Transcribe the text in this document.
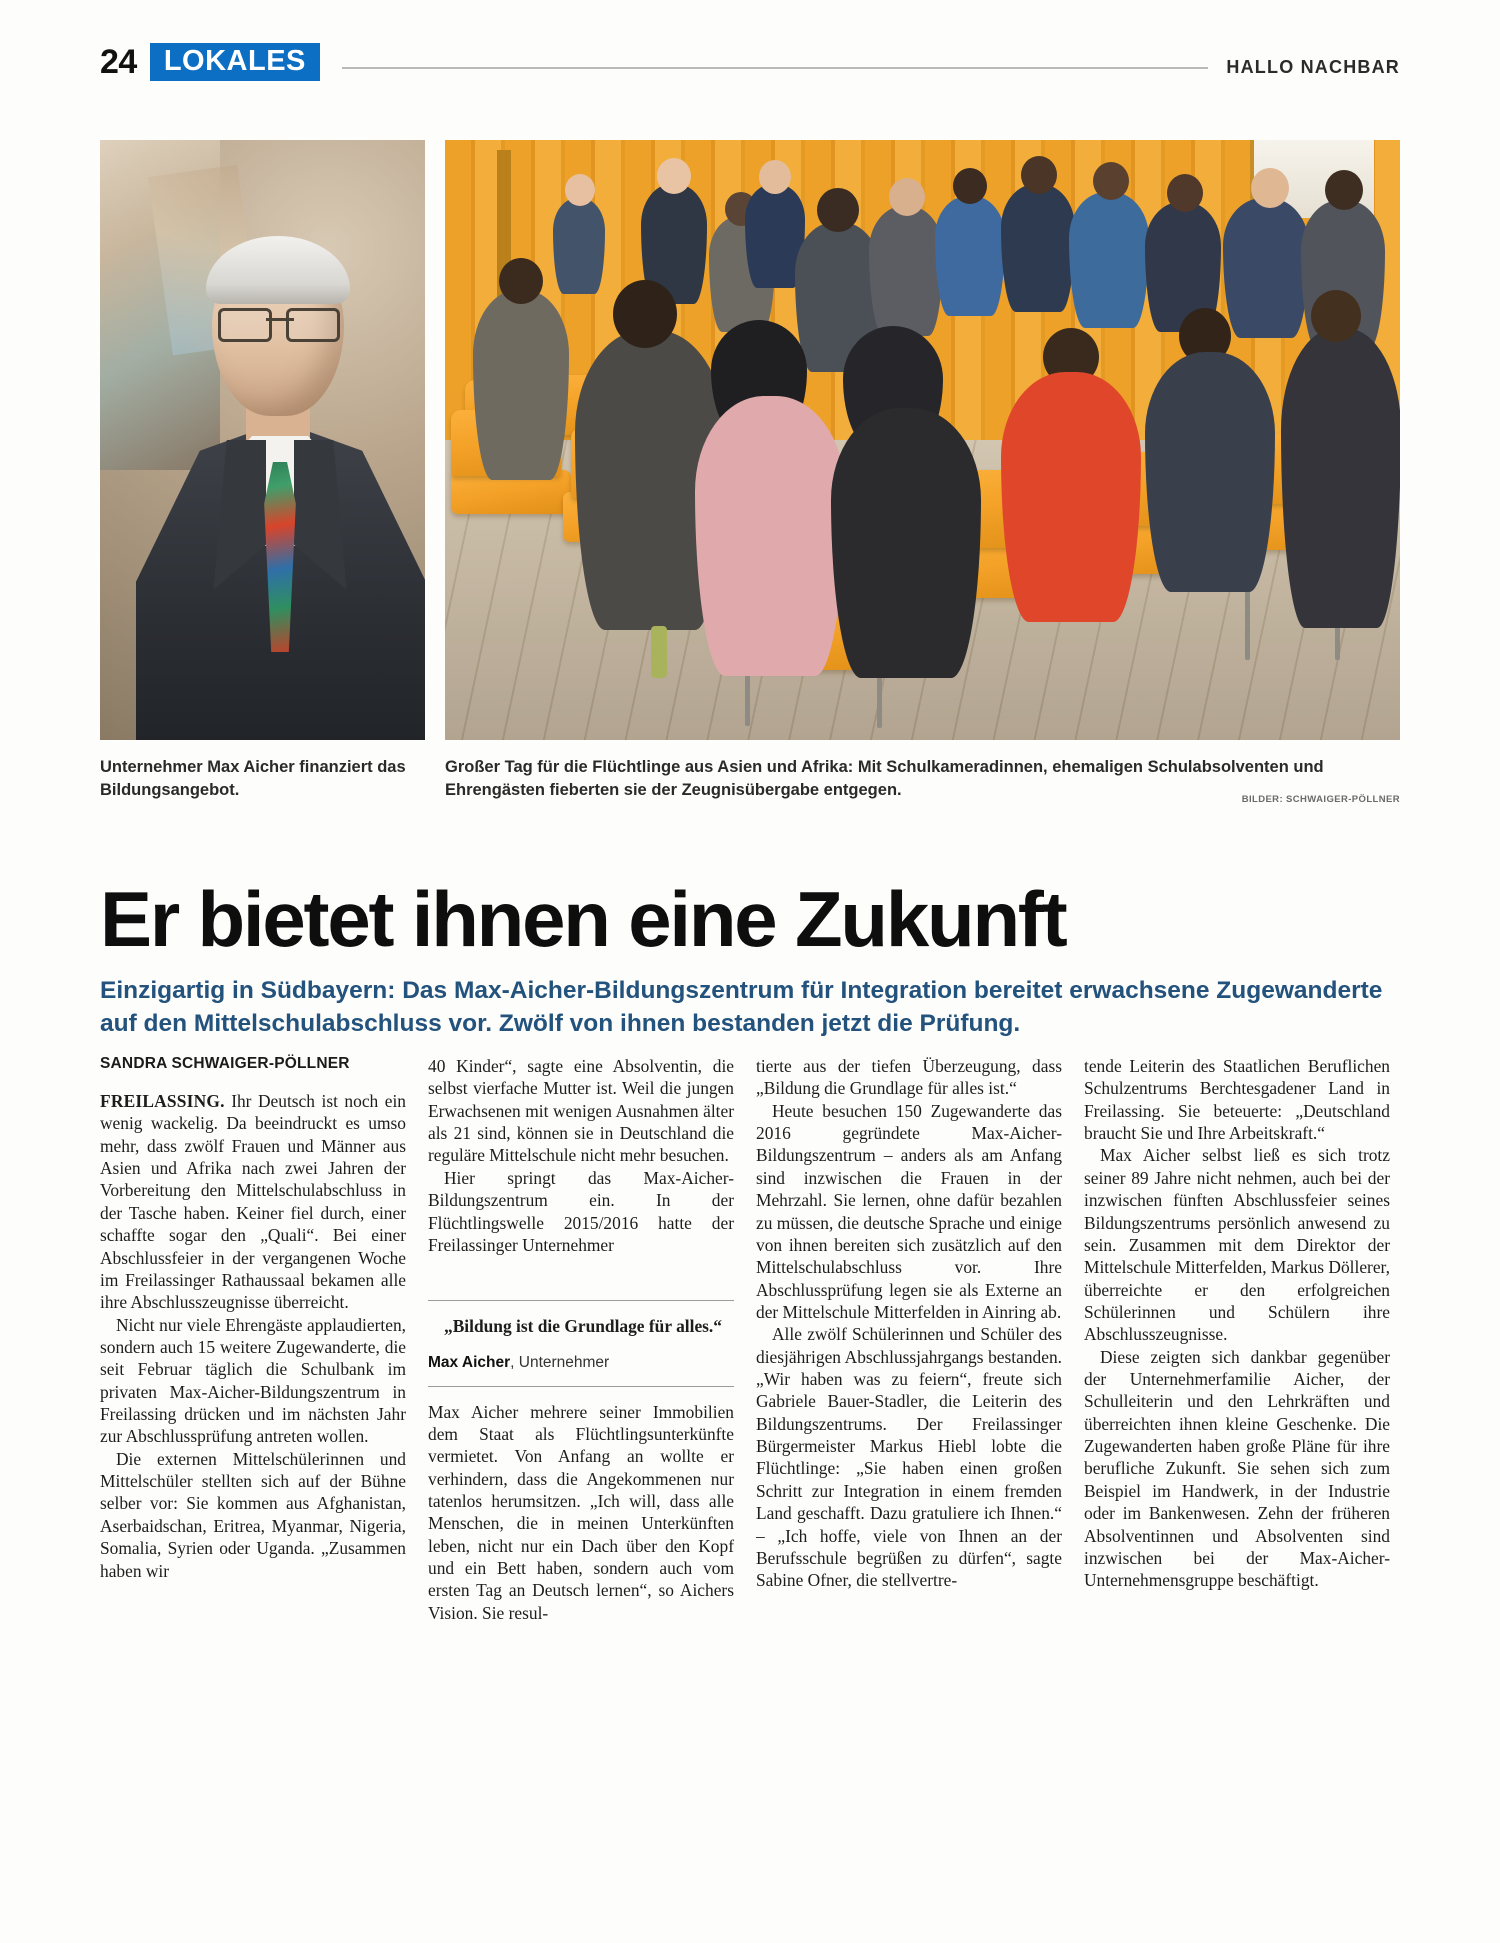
24 LOKALES	HALLO NACHBAR
Unternehmer Max Aicher finanziert das Bildungsangebot.
Großer Tag für die Flüchtlinge aus Asien und Afrika: Mit Schulkameradinnen, ehemaligen Schulabsolventen und Ehrengästen fieberten sie der Zeugnisübergabe entgegen.
BILDER: SCHWAIGER-PÖLLNER
Er bietet ihnen eine Zukunft
Einzigartig in Südbayern: Das Max-Aicher-Bildungszentrum für Integration bereitet erwachsene Zugewanderte auf den Mittelschulabschluss vor. Zwölf von ihnen bestanden jetzt die Prüfung.
SANDRA SCHWAIGER-PÖLLNER

FREILASSING. Ihr Deutsch ist noch ein wenig wackelig. Da beeindruckt es umso mehr, dass zwölf Frauen und Männer aus Asien und Afrika nach zwei Jahren der Vorbereitung den Mittelschulabschluss in der Tasche haben. Keiner fiel durch, einer schaffte sogar den „Quali“. Bei einer Abschlussfeier in der vergangenen Woche im Freilassinger Rathaussaal bekamen alle ihre Abschlusszeugnisse überreicht.

Nicht nur viele Ehrengäste applaudierten, sondern auch 15 weitere Zugewanderte, die seit Februar täglich die Schulbank im privaten Max-Aicher-Bildungszentrum in Freilassing drücken und im nächsten Jahr zur Abschlussprüfung antreten wollen.

Die externen Mittelschülerinnen und Mittelschüler stellten sich auf der Bühne selber vor: Sie kommen aus Afghanistan, Aserbaidschan, Eritrea, Myanmar, Nigeria, Somalia, Syrien oder Uganda. „Zusammen haben wir

40 Kinder“, sagte eine Absolventin, die selbst vierfache Mutter ist. Weil die jungen Erwachsenen mit wenigen Ausnahmen älter als 21 sind, können sie in Deutschland die reguläre Mittelschule nicht mehr besuchen.

Hier springt das Max-Aicher-Bildungszentrum ein. In der Flüchtlingswelle 2015/2016 hatte der Freilassinger Unternehmer

„Bildung ist die Grundlage für alles.“

Max Aicher, Unternehmer

Max Aicher mehrere seiner Immobilien dem Staat als Flüchtlingsunterkünfte vermietet. Von Anfang an wollte er verhindern, dass die Angekommenen nur tatenlos herumsitzen. „Ich will, dass alle Menschen, die in meinen Unterkünften leben, nicht nur ein Dach über den Kopf und ein Bett haben, sondern auch vom ersten Tag an Deutsch lernen“, so Aichers Vision. Sie resul-

tierte aus der tiefen Überzeugung, dass „Bildung die Grundlage für alles ist.“

Heute besuchen 150 Zugewanderte das 2016 gegründete Max-Aicher-Bildungszentrum – anders als am Anfang sind inzwischen die Frauen in der Mehrzahl. Sie lernen, ohne dafür bezahlen zu müssen, die deutsche Sprache und einige von ihnen bereiten sich zusätzlich auf den Mittelschulabschluss vor. Ihre Abschlussprüfung legen sie als Externe an der Mittelschule Mitterfelden in Ainring ab.

Alle zwölf Schülerinnen und Schüler des diesjährigen Abschlussjahrgangs bestanden. „Wir haben was zu feiern“, freute sich Gabriele Bauer-Stadler, die Leiterin des Bildungszentrums. Der Freilassinger Bürgermeister Markus Hiebl lobte die Flüchtlinge: „Sie haben einen großen Schritt zur Integration in einem fremden Land geschafft. Dazu gratuliere ich Ihnen.“ – „Ich hoffe, viele von Ihnen an der Berufsschule begrüßen zu dürfen“, sagte Sabine Ofner, die stellvertre-

tende Leiterin des Staatlichen Beruflichen Schulzentrums Berchtesgadener Land in Freilassing. Sie beteuerte: „Deutschland braucht Sie und Ihre Arbeitskraft.“

Max Aicher selbst ließ es sich trotz seiner 89 Jahre nicht nehmen, auch bei der inzwischen fünften Abschlussfeier seines Bildungszentrums persönlich anwesend zu sein. Zusammen mit dem Direktor der Mittelschule Mitterfelden, Markus Döllerer, überreichte er den erfolgreichen Schülerinnen und Schülern ihre Abschlusszeugnisse.

Diese zeigten sich dankbar gegenüber der Unternehmerfamilie Aicher, der Schulleiterin und den Lehrkräften und überreichten ihnen kleine Geschenke. Die Zugewanderten haben große Pläne für ihre berufliche Zukunft. Sie sehen sich zum Beispiel im Handwerk, in der Industrie oder im Bankenwesen. Zehn der früheren Absolventinnen und Absolventen sind inzwischen bei der Max-Aicher-Unternehmensgruppe beschäftigt.
